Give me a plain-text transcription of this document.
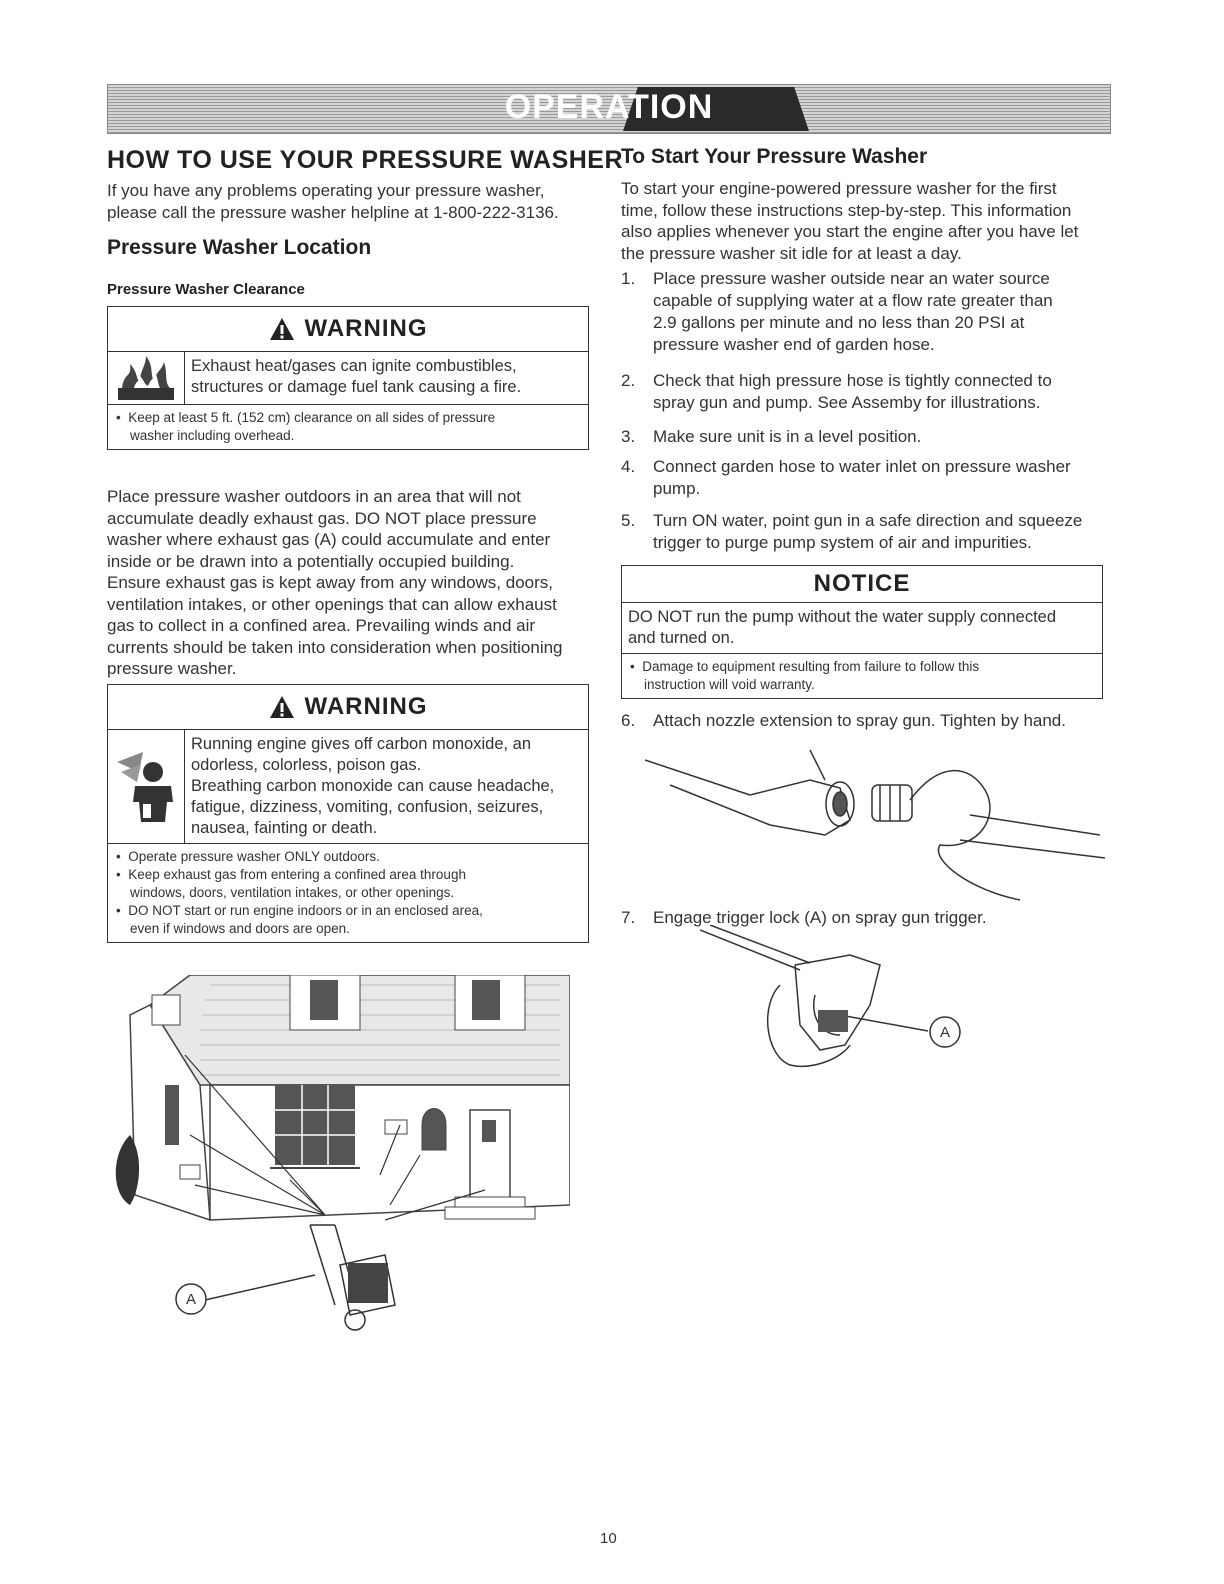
OPERATION
HOW TO USE YOUR PRESSURE WASHER
If you have any problems operating your pressure washer,
please call the pressure washer helpline at 1-800-222-3136.
Pressure Washer Location
Pressure Washer Clearance
WARNING
Exhaust heat/gases can ignite combustibles,
structures or damage fuel tank causing a fire.
•  Keep at least 5 ft. (152 cm) clearance on all sides of pressure
washer including overhead.
Place pressure washer outdoors in an area that will not
accumulate deadly exhaust gas. DO NOT place pressure
washer where exhaust gas (A) could accumulate and enter
inside or be drawn into a potentially occupied building.
Ensure exhaust gas is kept away from any windows, doors,
ventilation intakes, or other openings that can allow exhaust
gas to collect in a confined area. Prevailing winds and air
currents should be taken into consideration when positioning
pressure washer.
WARNING
Running engine gives off carbon monoxide, an
odorless, colorless, poison gas.
Breathing carbon monoxide can cause headache,
fatigue, dizziness, vomiting, confusion, seizures,
nausea, fainting or death.
•  Operate pressure washer ONLY outdoors.
•  Keep exhaust gas from entering a confined area through
windows, doors, ventilation intakes, or other openings.
•  DO NOT start or run engine indoors or in an enclosed area,
even if windows and doors are open.
A
To Start Your Pressure Washer
To start your engine-powered pressure washer for the first
time, follow these instructions step-by-step. This information
also applies whenever you start the engine after you have let
the pressure washer sit idle for at least a day.
1. Place pressure washer outside near an water source
capable of supplying water at a flow rate greater than
2.9 gallons per minute and no less than 20 PSI at
pressure washer end of garden hose.
2. Check that high pressure hose is tightly connected to
spray gun and pump. See Assemby for illustrations.
3. Make sure unit is in a level position.
4. Connect garden hose to water inlet on pressure washer
pump.
5. Turn ON water, point gun in a safe direction and squeeze
trigger to purge pump system of air and impurities.
NOTICE
DO NOT run the pump without the water supply connected
and turned on.
•  Damage to equipment resulting from failure to follow this
instruction will void warranty.
6. Attach nozzle extension to spray gun. Tighten by hand.
7. Engage trigger lock (A) on spray gun trigger.
A
10
